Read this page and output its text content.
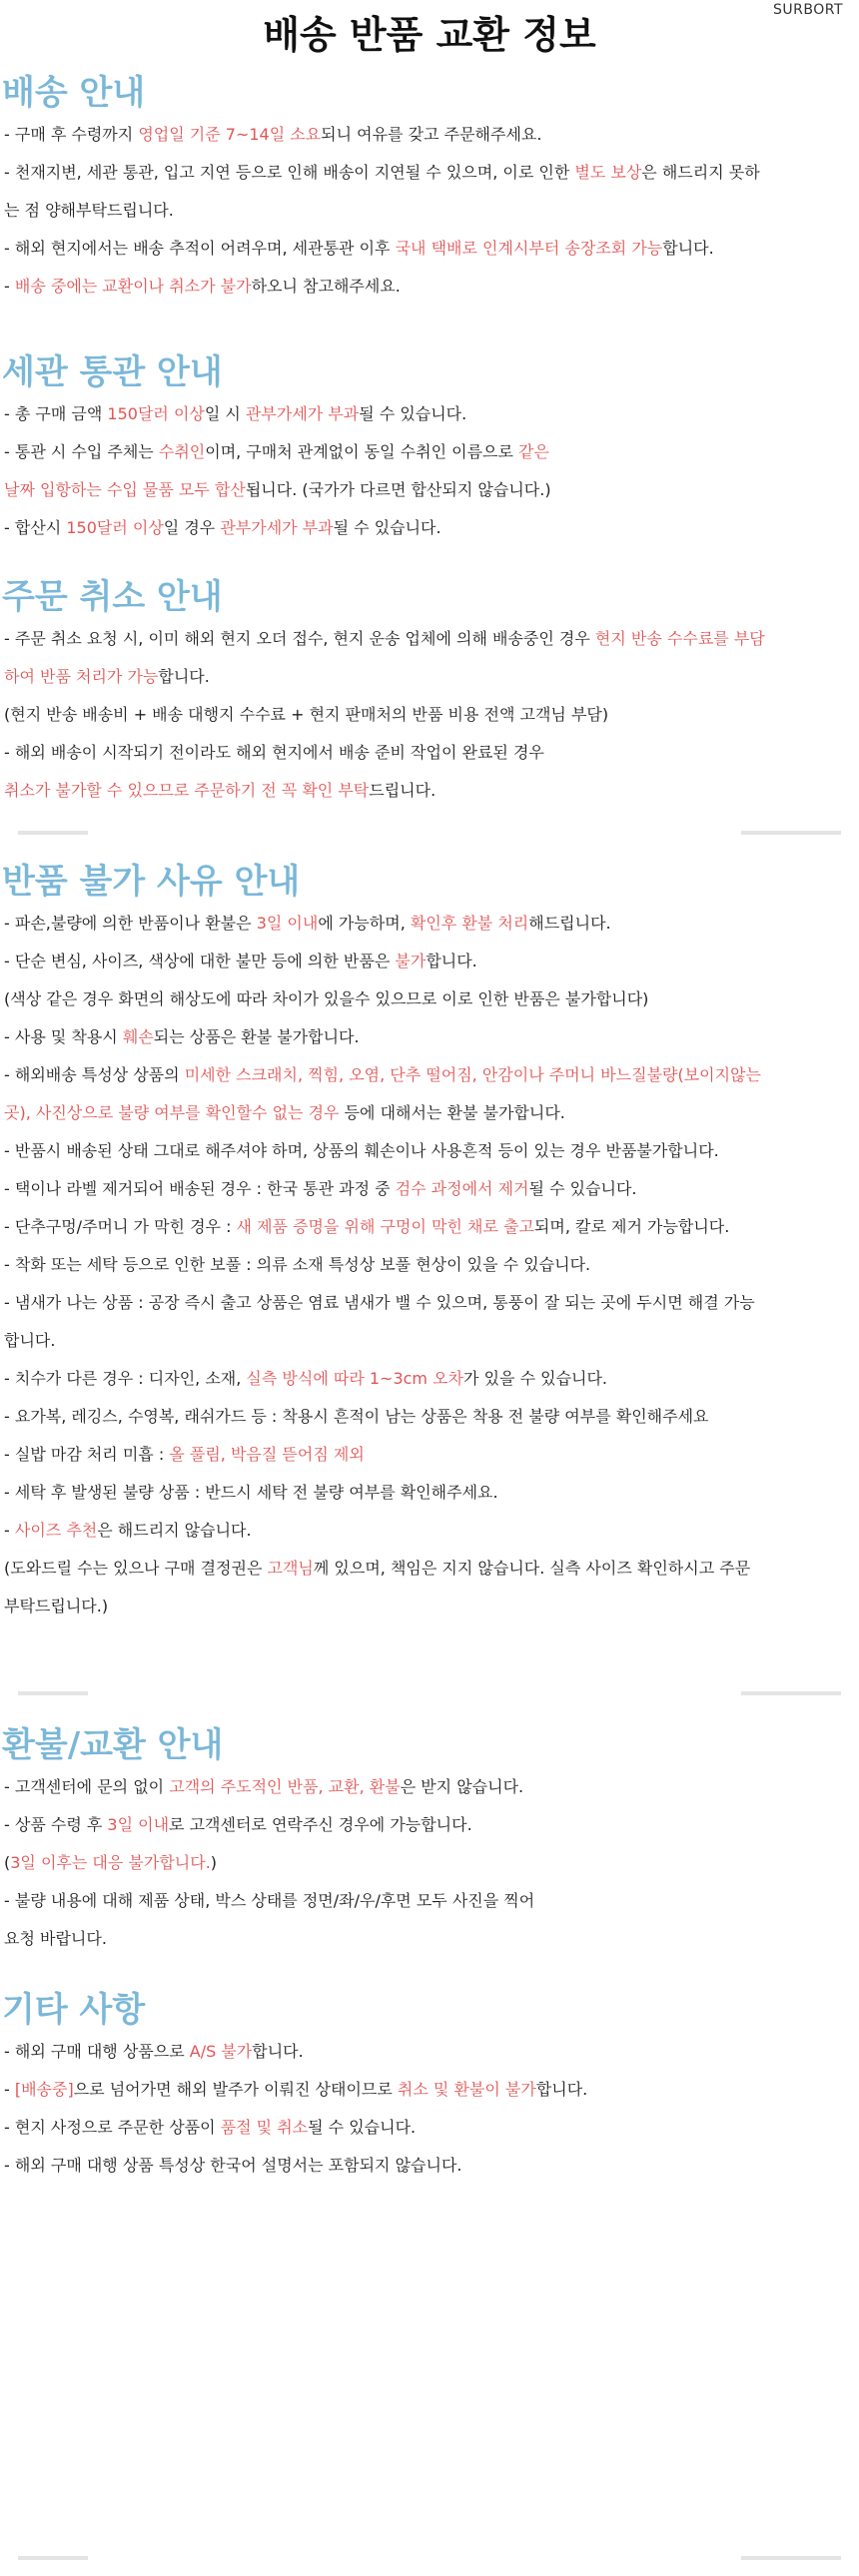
SURBORT
배송 반품 교환 정보
배송 안내

- 구매 후 수령까지 영업일 기준 7~14일 소요되니 여유를 갖고 주문해주세요.

- 천재지변, 세관 통관, 입고 지연 등으로 인해 배송이 지연될 수 있으며, 이로 인한 별도 보상은 해드리지 못하

는 점 양해부탁드립니다.

- 해외 현지에서는 배송 추적이 어려우며, 세관통관 이후 국내 택배로 인계시부터 송장조회 가능합니다.

- 배송 중에는 교환이나 취소가 불가하오니 참고해주세요.

세관 통관 안내

- 총 구매 금액 150달러 이상일 시 관부가세가 부과될 수 있습니다.

- 통관 시 수입 주체는 수취인이며, 구매처 관계없이 동일 수취인 이름으로 같은

날짜 입항하는 수입 물품 모두 합산됩니다. (국가가 다르면 합산되지 않습니다.)

- 합산시 150달러 이상일 경우 관부가세가 부과될 수 있습니다.

주문 취소 안내

- 주문 취소 요청 시, 이미 해외 현지 오더 접수, 현지 운송 업체에 의해 배송중인 경우 현지 반송 수수료를 부담

하여 반품 처리가 가능합니다.

(현지 반송 배송비 + 배송 대행지 수수료 + 현지 판매처의 반품 비용 전액 고객님 부담)

- 해외 배송이 시작되기 전이라도 해외 현지에서 배송 준비 작업이 완료된 경우

취소가 불가할 수 있으므로 주문하기 전 꼭 확인 부탁드립니다.

반품 불가 사유 안내

- 파손,불량에 의한 반품이나 환불은 3일 이내에 가능하며, 확인후 환불 처리해드립니다.

- 단순 변심, 사이즈, 색상에 대한 불만 등에 의한 반품은 불가합니다.

(색상 같은 경우 화면의 해상도에 따라 차이가 있을수 있으므로 이로 인한 반품은 불가합니다)

- 사용 및 착용시 훼손되는 상품은 환불 불가합니다.

- 해외배송 특성상 상품의 미세한 스크래치, 찍힘, 오염, 단추 떨어짐, 안감이나 주머니 바느질불량(보이지않는

곳), 사진상으로 불량 여부를 확인할수 없는 경우 등에 대해서는 환불 불가합니다.

- 반품시 배송된 상태 그대로 해주셔야 하며, 상품의 훼손이나 사용흔적 등이 있는 경우 반품불가합니다.

- 택이나 라벨 제거되어 배송된 경우 : 한국 통관 과정 중 검수 과정에서 제거될 수 있습니다.

- 단추구멍/주머니 가 막힌 경우 : 새 제품 증명을 위해 구멍이 막힌 채로 출고되며, 칼로 제거 가능합니다.

- 착화 또는 세탁 등으로 인한 보풀 : 의류 소재 특성상 보풀 현상이 있을 수 있습니다.

- 냄새가 나는 상품 : 공장 즉시 출고 상품은 염료 냄새가 밸 수 있으며, 통풍이 잘 되는 곳에 두시면 해결 가능

합니다.

- 치수가 다른 경우 : 디자인, 소재, 실측 방식에 따라 1~3cm 오차가 있을 수 있습니다.

- 요가복, 레깅스, 수영복, 래쉬가드 등 : 착용시 흔적이 남는 상품은 착용 전 불량 여부를 확인해주세요

- 실밥 마감 처리 미흡 : 올 풀림, 박음질 뜯어짐 제외

- 세탁 후 발생된 불량 상품 : 반드시 세탁 전 불량 여부를 확인해주세요.

- 사이즈 추천은 해드리지 않습니다.

(도와드릴 수는 있으나 구매 결정권은 고객님께 있으며, 책임은 지지 않습니다. 실측 사이즈 확인하시고 주문

부탁드립니다.)

환불/교환 안내

- 고객센터에 문의 없이 고객의 주도적인 반품, 교환, 환불은 받지 않습니다.

- 상품 수령 후 3일 이내로 고객센터로 연락주신 경우에 가능합니다.

(3일 이후는 대응 불가합니다.)

- 불량 내용에 대해 제품 상태, 박스 상태를 정면/좌/우/후면 모두 사진을 찍어

요청 바랍니다.

기타 사항

- 해외 구매 대행 상품으로 A/S 불가합니다.

- [배송중]으로 넘어가면 해외 발주가 이뤄진 상태이므로 취소 및 환불이 불가합니다.

- 현지 사정으로 주문한 상품이 품절 및 취소될 수 있습니다.

- 해외 구매 대행 상품 특성상 한국어 설명서는 포함되지 않습니다.
